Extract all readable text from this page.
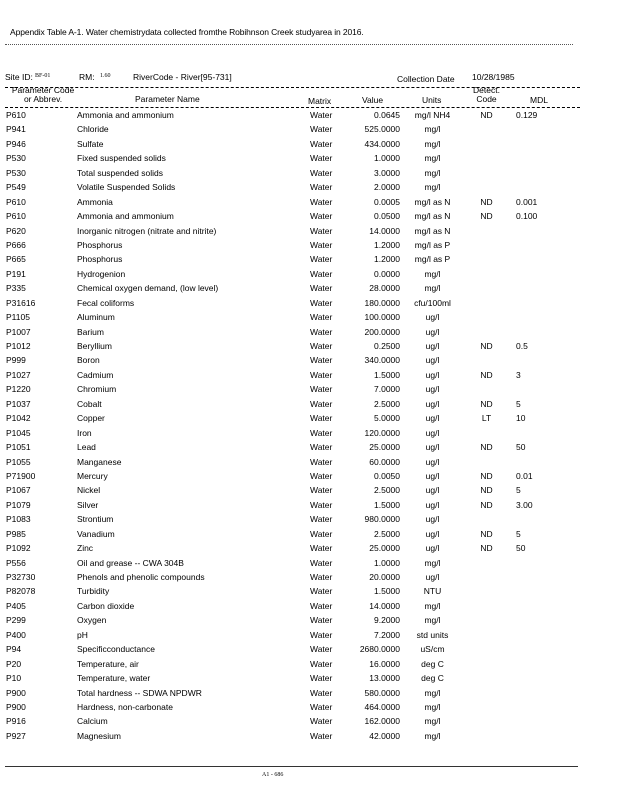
Appendix Table A-1. Water chemistrydata collected fromthe Robihnson Creek studyarea in 2016.
Site ID: BF-01	RM: 1.60	RiverCode - River[95-731]	Collection Date 10/28/1985
Parameter Code
or Abbrev.	Parameter Name	Matrix	Value	Units
Detect.
Code	MDL
P610	Ammonia and ammonium	Water	0.0645	mg/l NH4	ND	0.129
P941	Chloride	Water	525.0000	mg/l
P946	Sulfate	Water	434.0000	mg/l
P530	Fixed suspended solids	Water	1.0000	mg/l
P530	Total suspended solids	Water	3.0000	mg/l
P549	Volatile Suspended Solids	Water	2.0000	mg/l
P610	Ammonia	Water	0.0005	mg/l as N	ND	0.001
P610	Ammonia and ammonium	Water	0.0500	mg/l as N	ND	0.100
P620	Inorganic nitrogen (nitrate and nitrite)	Water	14.0000	mg/l as N
P666	Phosphorus	Water	1.2000	mg/l as P
P665	Phosphorus	Water	1.2000	mg/l as P
P191	Hydrogenion	Water	0.0000	mg/l
P335	Chemical oxygen demand, (low level)	Water	28.0000	mg/l
P31616	Fecal coliforms	Water	180.0000	cfu/100ml
P1105	Aluminum	Water	100.0000	ug/l
P1007	Barium	Water	200.0000	ug/l
P1012	Beryllium	Water	0.2500	ug/l	ND	0.5
P999	Boron	Water	340.0000	ug/l
P1027	Cadmium	Water	1.5000	ug/l	ND	3
P1220	Chromium	Water	7.0000	ug/l
P1037	Cobalt	Water	2.5000	ug/l	ND	5
P1042	Copper	Water	5.0000	ug/l	LT	10
P1045	Iron	Water	120.0000	ug/l
P1051	Lead	Water	25.0000	ug/l	ND	50
P1055	Manganese	Water	60.0000	ug/l
P71900	Mercury	Water	0.0050	ug/l	ND	0.01
P1067	Nickel	Water	2.5000	ug/l	ND	5
P1079	Silver	Water	1.5000	ug/l	ND	3.00
P1083	Strontium	Water	980.0000	ug/l
P985	Vanadium	Water	2.5000	ug/l	ND	5
P1092	Zinc	Water	25.0000	ug/l	ND	50
P556	Oil and grease -- CWA 304B	Water	1.0000	mg/l
P32730	Phenols and phenolic compounds	Water	20.0000	ug/l
P82078	Turbidity	Water	1.5000	NTU
P405	Carbon dioxide	Water	14.0000	mg/l
P299	Oxygen	Water	9.2000	mg/l
P400	pH	Water	7.2000	std units
P94	Specificconductance	Water	2680.0000	uS/cm
P20	Temperature, air	Water	16.0000	deg C
P10	Temperature, water	Water	13.0000	deg C
P900	Total hardness -- SDWA NPDWR	Water	580.0000	mg/l
P900	Hardness, non-carbonate	Water	464.0000	mg/l
P916	Calcium	Water	162.0000	mg/l
P927	Magnesium	Water	42.0000	mg/l
A1 - 686
